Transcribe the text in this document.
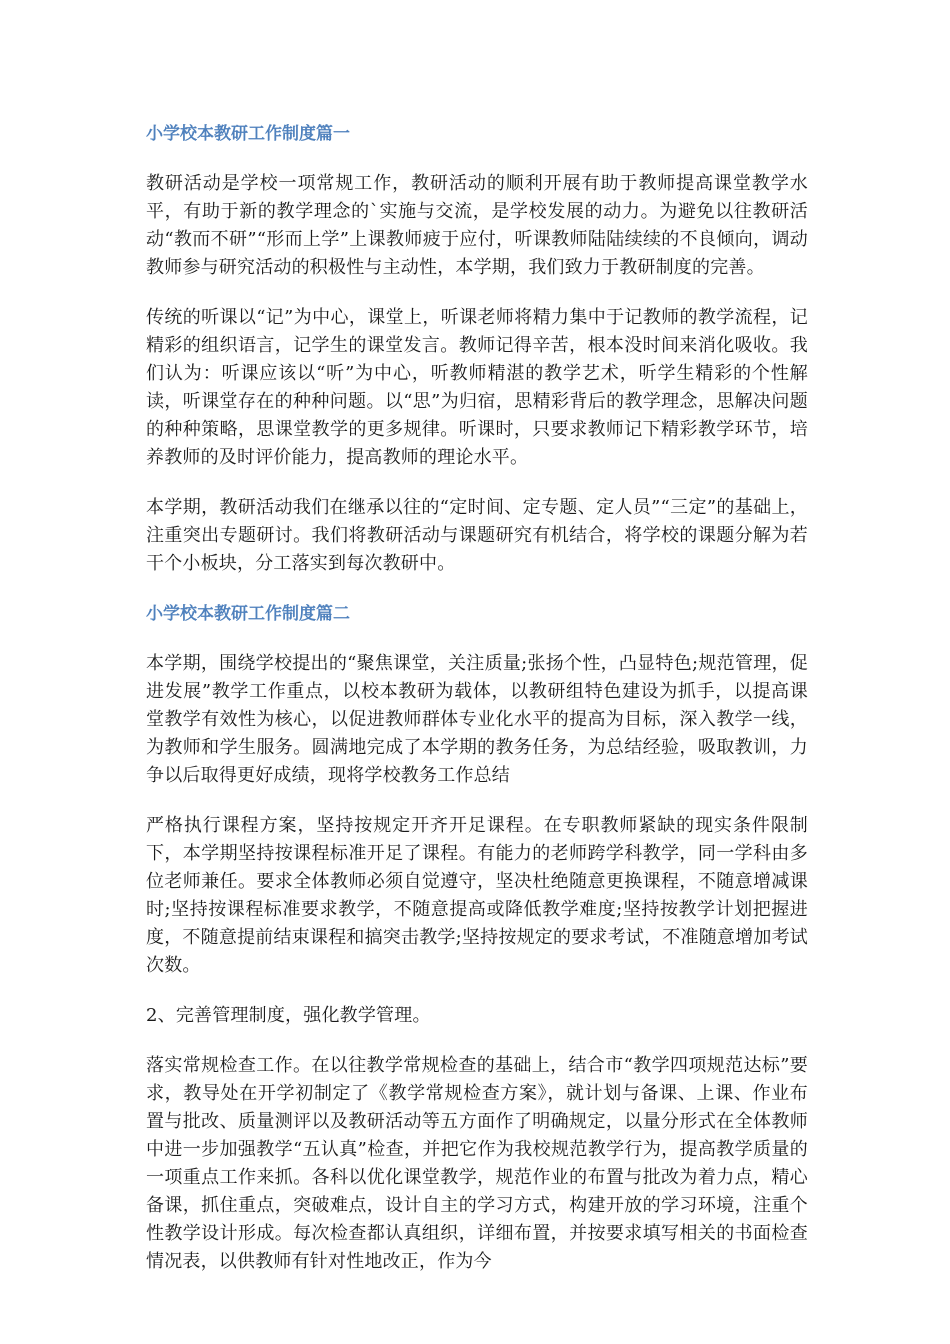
小学校本教研工作制度篇一

教研活动是学校一项常规工作，教研活动的顺利开展有助于教师提高课堂教学水平，有助于新的教学理念的`实施与交流，是学校发展的动力。为避免以往教研活动“教而不研”“形而上学”上课教师疲于应付，听课教师陆陆续续的不良倾向，调动教师参与研究活动的积极性与主动性，本学期，我们致力于教研制度的完善。

传统的听课以“记”为中心，课堂上，听课老师将精力集中于记教师的教学流程，记精彩的组织语言，记学生的课堂发言。教师记得辛苦，根本没时间来消化吸收。我们认为：听课应该以“听”为中心，听教师精湛的教学艺术，听学生精彩的个性解读，听课堂存在的种种问题。以“思”为归宿，思精彩背后的教学理念，思解决问题的种种策略，思课堂教学的更多规律。听课时，只要求教师记下精彩教学环节，培养教师的及时评价能力，提高教师的理论水平。

本学期，教研活动我们在继承以往的“定时间、定专题、定人员”“三定”的基础上，注重突出专题研讨。我们将教研活动与课题研究有机结合，将学校的课题分解为若干个小板块，分工落实到每次教研中。

小学校本教研工作制度篇二

本学期，围绕学校提出的“聚焦课堂，关注质量;张扬个性，凸显特色;规范管理，促进发展”教学工作重点，以校本教研为载体，以教研组特色建设为抓手，以提高课堂教学有效性为核心，以促进教师群体专业化水平的提高为目标，深入教学一线，为教师和学生服务。圆满地完成了本学期的教务任务，为总结经验，吸取教训，力争以后取得更好成绩，现将学校教务工作总结

严格执行课程方案，坚持按规定开齐开足课程。在专职教师紧缺的现实条件限制下，本学期坚持按课程标准开足了课程。有能力的老师跨学科教学，同一学科由多位老师兼任。要求全体教师必须自觉遵守，坚决杜绝随意更换课程，不随意增减课时;坚持按课程标准要求教学，不随意提高或降低教学难度;坚持按教学计划把握进度，不随意提前结束课程和搞突击教学;坚持按规定的要求考试，不准随意增加考试次数。

2、完善管理制度，强化教学管理。

落实常规检查工作。在以往教学常规检查的基础上，结合市“教学四项规范达标”要求，教导处在开学初制定了《教学常规检查方案》，就计划与备课、上课、作业布置与批改、质量测评以及教研活动等五方面作了明确规定，以量分形式在全体教师中进一步加强教学“五认真”检查，并把它作为我校规范教学行为，提高教学质量的一项重点工作来抓。各科以优化课堂教学，规范作业的布置与批改为着力点，精心备课，抓住重点，突破难点，设计自主的学习方式，构建开放的学习环境，注重个性教学设计形成。每次检查都认真组织，详细布置，并按要求填写相关的书面检查情况表，以供教师有针对性地改正，作为今
